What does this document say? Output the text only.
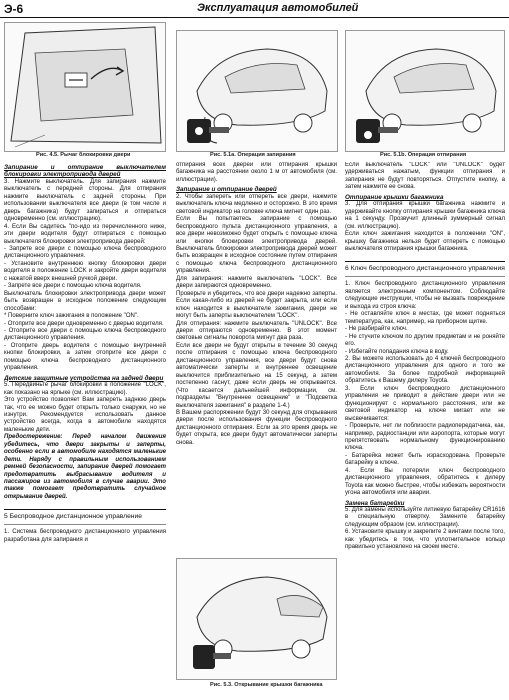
Э-6	Эксплуатация автомобилей
Рис. 4.5. Рычаг блокировки двери	Рис. 5.1а. Операция запирания	Рис. 5.1b. Операция отпирания
Рис. 5.3. Открывание крышки багажника

Запирание и отпирание выключателем блокировки электропривода дверей

3. Нажмите выключатель. Для запирания нажмите выключатель с передней стороны. Для отпирания нажмите выключатель с задней стороны. При использовании выключателя все двери (в том числе и дверь багажника) будут запираться и отпираться одновременно (см. иллюстрацию).

4. Если Вы садитесь "по-идо из перечисленного ниже, эти двери водителя будут отпираться с помощью выключателя блокировки электропривода дверей:

- Запрете все двери с помощью ключа беспроводного дистанционного управления.

- Установите внутреннюю кнопку блокировки двери водителя в положение LOCK и закройте двери водителя с нажатой вверх внешней ручкой двери.

- Запрете все двери с помощью ключа водителя.

Выключатель блокировки электропривода двери может быть возвращен в исходное положение следующим способами:

* Поверните ключ зажигания в положение "ON".

- Отоприте все двери одновременно с дверью водителя.

- Отоприте все двери с помощью ключа беспроводного дистанционного управления.

- Отоприте дверь водителя с помощью внутренней кнопки блокировки, а затем отоприте все двери с помощью ключа беспроводного дистанционного управления.

Детские защитные устройства на задней двери

5. Передвиньте рычаг блокировки в положение "LOCK", как показано на ярлыке (см. иллюстрацию).

Это устройство позволяет Вам запереть заднюю дверь так, что ее можно будет открыть только снаружи, но не изнутри. Рекомендуется использовать данное устройство всегда, когда в автомобиле находятся маленькие дети.

Предостережение: Перед началом движения убедитесь, что двери закрыты и заперты, особенно если в автомобиле находятся маленькие дети. Наряду с правильным использованием ремней безопасности, запирание дверей помогает предотвратить выбрасывание водителя и пассажиров из автомобиля в случае аварии. Это также помогает предотвратить случайное открывание дверей.

5 Беспроводное дистанционное управление

1. Система беспроводного дистанционного управления разработана для запирания и

отпирания всех дверей или отпирания крышки багажника на расстоянии около 1 м от автомобиля (см. иллюстрации).

Запирание и отпирание дверей

2. Чтобы запереть или отпереть все двери, нажмите выключатель ключа медленно и осторожно. В это время световой индикатор на головке ключа мигнет один раз.

Если Вы попытаетесь запирание с помощью беспроводного пульта дистанционного управления, а все двери невозможно будет открыть с помощью ключа или кнопки блокировки электропривода дверей. Выключатель блокировки электропривода дверей может быть возвращен в исходное состояние путем отпирания с помощью ключа беспроводного дистанционного управления.

Для запирания: нажмите выключатель "LOCK". Все двери запираются одновременно.

Проверьте и убедитесь, что все двери надежно заперты. Если какая-либо из дверей не будет закрыта, или если ключ находится в выключателе зажигания, двери не могут быть заперты выключателем "LOCK".

Для отпирания: нажмите выключатель "UNLOCK". Все двери отпираются одновременно. В этот момент световые сигналы поворота мигнут два раза.

Если все двери не будут открыты в течение 30 секунд после отпирания с помощью ключа беспроводного дистанционного управления, все двери будут снова автоматически заперты и внутреннее освещение выключится приблизительно на 15 секунд, а затем постепенно гаснут, даже если дверь не открывается. (Что касается дальнейшей информации, см. подразделы "Внутреннее освещение" и "Подсветка выключателя зажигания" в разделе 1-4.)

В Вашем распоряжении будут 30 секунд для открывания двери после использования функции беспроводного дистанционного отпирания. Если за это время дверь не будет открыта, все двери будут автоматически заперты снова.

Если выключатель "LOCK" или "UNLOCK" будет удерживаться нажатым, функции отпирания и запирания не будут повторяться. Отпустите кнопку, а затем нажмите ее снова.

Отпирание крышки багажника

3. Для отпирания крышки багажника нажмите и удерживайте кнопку отпирания крышки багажника ключа на 1 секунду. Прозвучит длинный зуммерный сигнал (см. иллюстрацию).

Если ключ зажигания находится в положении "ON", крышку багажника нельзя будет отпереть с помощью выключателя отпирания крышки багажника.

6 Ключ беспроводного дистанционного управления

1. Ключ беспроводного дистанционного управления является электронным компонентом. Соблюдайте следующие инструкции, чтобы не вызвать повреждение и выхода из строя ключа:

- Не оставляйте ключ в местах, где может подняться температура, как, например, на приборном щитке.

- Не разбирайте ключ.

- Не стучите ключом по другим предметам и не роняйте его.

- Избегайте попадания ключа в воду.

2. Вы можете использовать до 4 ключей беспроводного дистанционного управления для одного и того же автомобиля. За более подробной информацией обратитесь к Вашему дилеру Toyota.

3. Если ключ беспроводного дистанционного управления не приводит в действие двери или не функционирует с нормального расстояния, или же световой индикатор на ключе мигает или не высвечивается:

- Проверьте, нет ли поблизости радиопередатчика, как, например, радиостанции или аэропорта, которые могут препятствовать нормальному функционированию ключа.

- Батарейка может быть израсходована. Проверьте батарейку в ключе.

4. Если Вы потеряли ключ беспроводного дистанционного управления, обратитесь к дилеру Toyota как можно быстрее, чтобы избежать вероятности угона автомобиля или аварии.

Замена батарейки

5. Для замены используйте литиевую батарейку CR1616 в специальную отвертку. Замените батарейку следующим образом (см. иллюстрации).

6. Установите крышку и закрепите 2 винтами после того, как убедитесь в том, что уплотнительное кольцо правильно установлено на своем месте.
